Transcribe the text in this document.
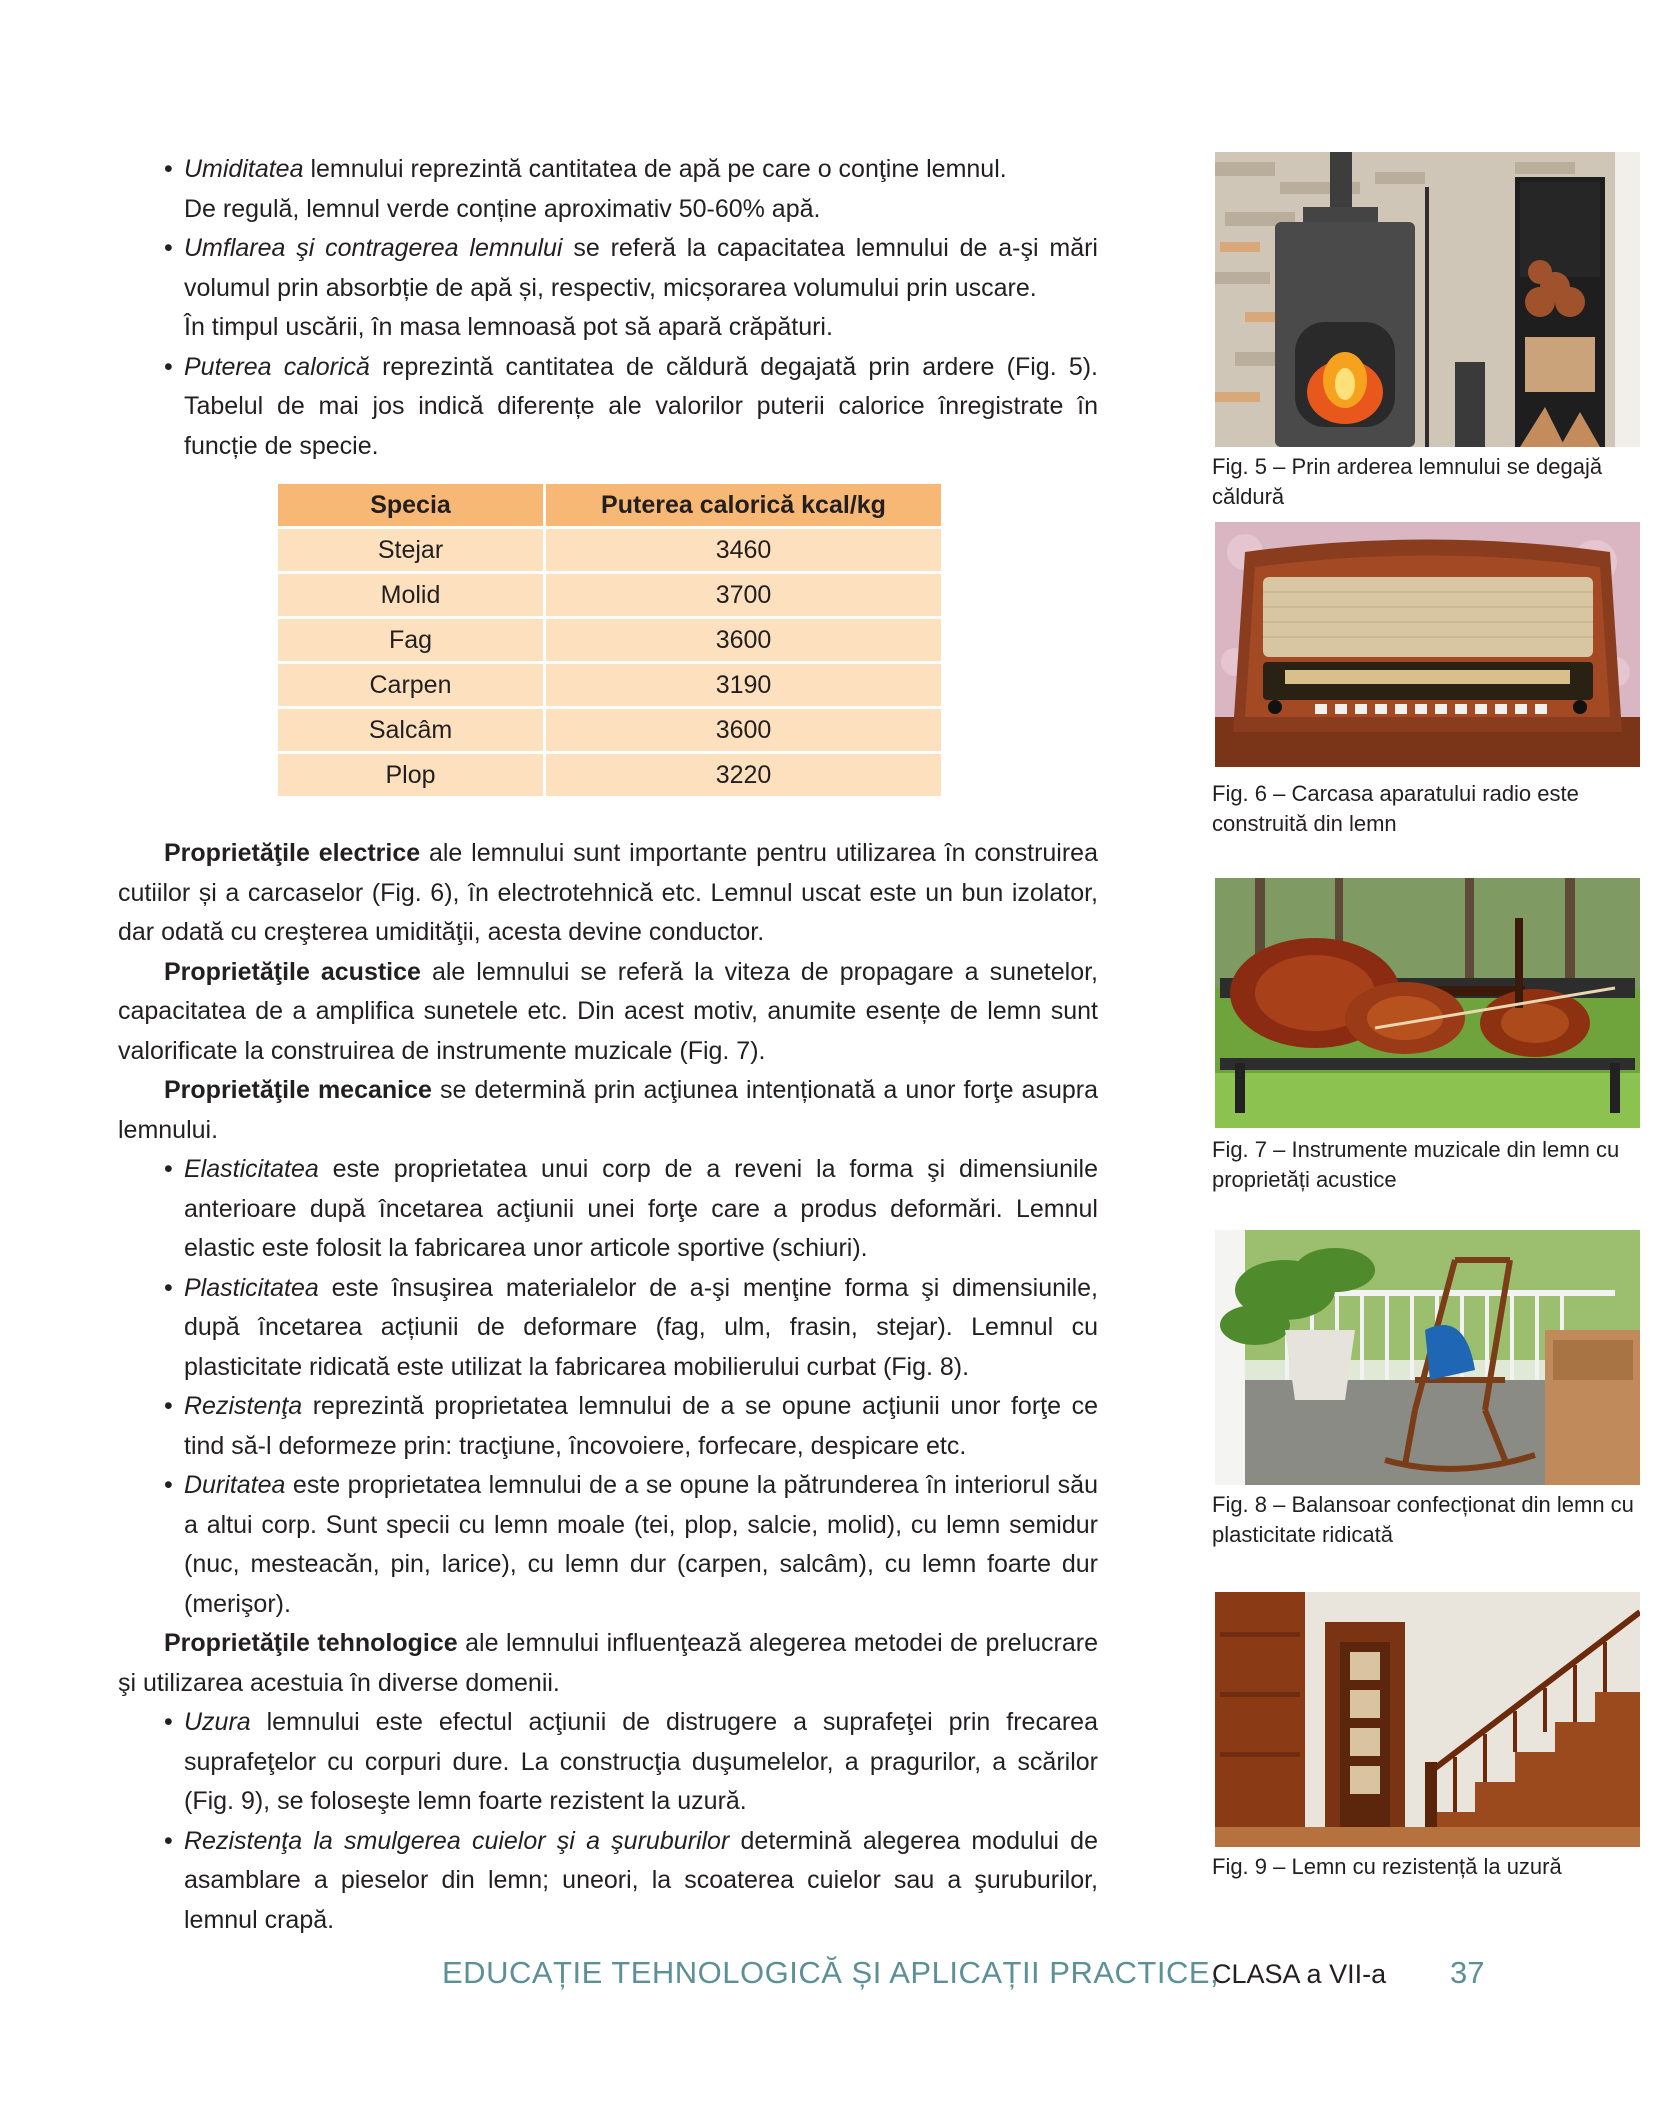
• Umiditatea lemnului reprezintă cantitatea de apă pe care o conţine lemnul.
De regulă, lemnul verde conține aproximativ 50-60% apă.

• Umflarea şi contragerea lemnului se referă la capacitatea lemnului de a-şi mări volumul prin absorbție de apă și, respectiv, micșorarea volumului prin uscare.
În timpul uscării, în masa lemnoasă pot să apară crăpături.

• Puterea calorică reprezintă cantitatea de căldură degajată prin ardere (Fig. 5). Tabelul de mai jos indică diferențe ale valorilor puterii calorice înregistrate în funcție de specie.

Specia	Puterea calorică kcal/kg
Stejar	3460
Molid	3700
Fag	3600
Carpen	3190
Salcâm	3600
Plop	3220

Proprietăţile electrice ale lemnului sunt importante pentru utilizarea în construirea cutiilor și a carcaselor (Fig. 6), în electrotehnică etc. Lemnul uscat este un bun izolator, dar odată cu creşterea umidităţii, acesta devine conductor.

Proprietăţile acustice ale lemnului se referă la viteza de propagare a sunetelor, capacitatea de a amplifica sunetele etc. Din acest motiv, anumite esențe de lemn sunt valorificate la construirea de instrumente muzicale (Fig. 7).

Proprietăţile mecanice se determină prin acţiunea intenționată a unor forţe asupra lemnului.

• Elasticitatea este proprietatea unui corp de a reveni la forma şi dimensiunile anterioare după încetarea acţiunii unei forţe care a produs deformări. Lemnul elastic este folosit la fabricarea unor articole sportive (schiuri).

• Plasticitatea este însuşirea materialelor de a-şi menţine forma şi dimensiunile, după încetarea acțiunii de deformare (fag, ulm, frasin, stejar). Lemnul cu plasticitate ridicată este utilizat la fabricarea mobilierului curbat (Fig. 8).

• Rezistenţa reprezintă proprietatea lemnului de a se opune acţiunii unor forţe ce tind să-l deformeze prin: tracţiune, încovoiere, forfecare, despicare etc.

• Duritatea este proprietatea lemnului de a se opune la pătrunderea în interiorul său a altui corp. Sunt specii cu lemn moale (tei, plop, salcie, molid), cu lemn semidur (nuc, mesteacăn, pin, larice), cu lemn dur (carpen, salcâm), cu lemn foarte dur (merişor).

Proprietăţile tehnologice ale lemnului influenţează alegerea metodei de prelucrare şi utilizarea acestuia în diverse domenii.

• Uzura lemnului este efectul acţiunii de distrugere a suprafeţei prin frecarea suprafeţelor cu corpuri dure. La construcţia duşumelelor, a pragurilor, a scărilor (Fig. 9), se foloseşte lemn foarte rezistent la uzură.

• Rezistenţa la smulgerea cuielor şi a şuruburilor determină alegerea modului de asamblare a pieselor din lemn; uneori, la scoaterea cuielor sau a şuruburilor, lemnul crapă.

Fig. 5 – Prin arderea lemnului se degajă căldură
Fig. 6 – Carcasa aparatului radio este construită din lemn
Fig. 7 – Instrumente muzicale din lemn cu proprietăți acustice
Fig. 8 – Balansoar confecționat din lemn cu plasticitate ridicată
Fig. 9 – Lemn cu rezistență la uzură
EDUCAȚIE TEHNOLOGICĂ ȘI APLICAȚII PRACTICE,
CLASA a VII-a 37
